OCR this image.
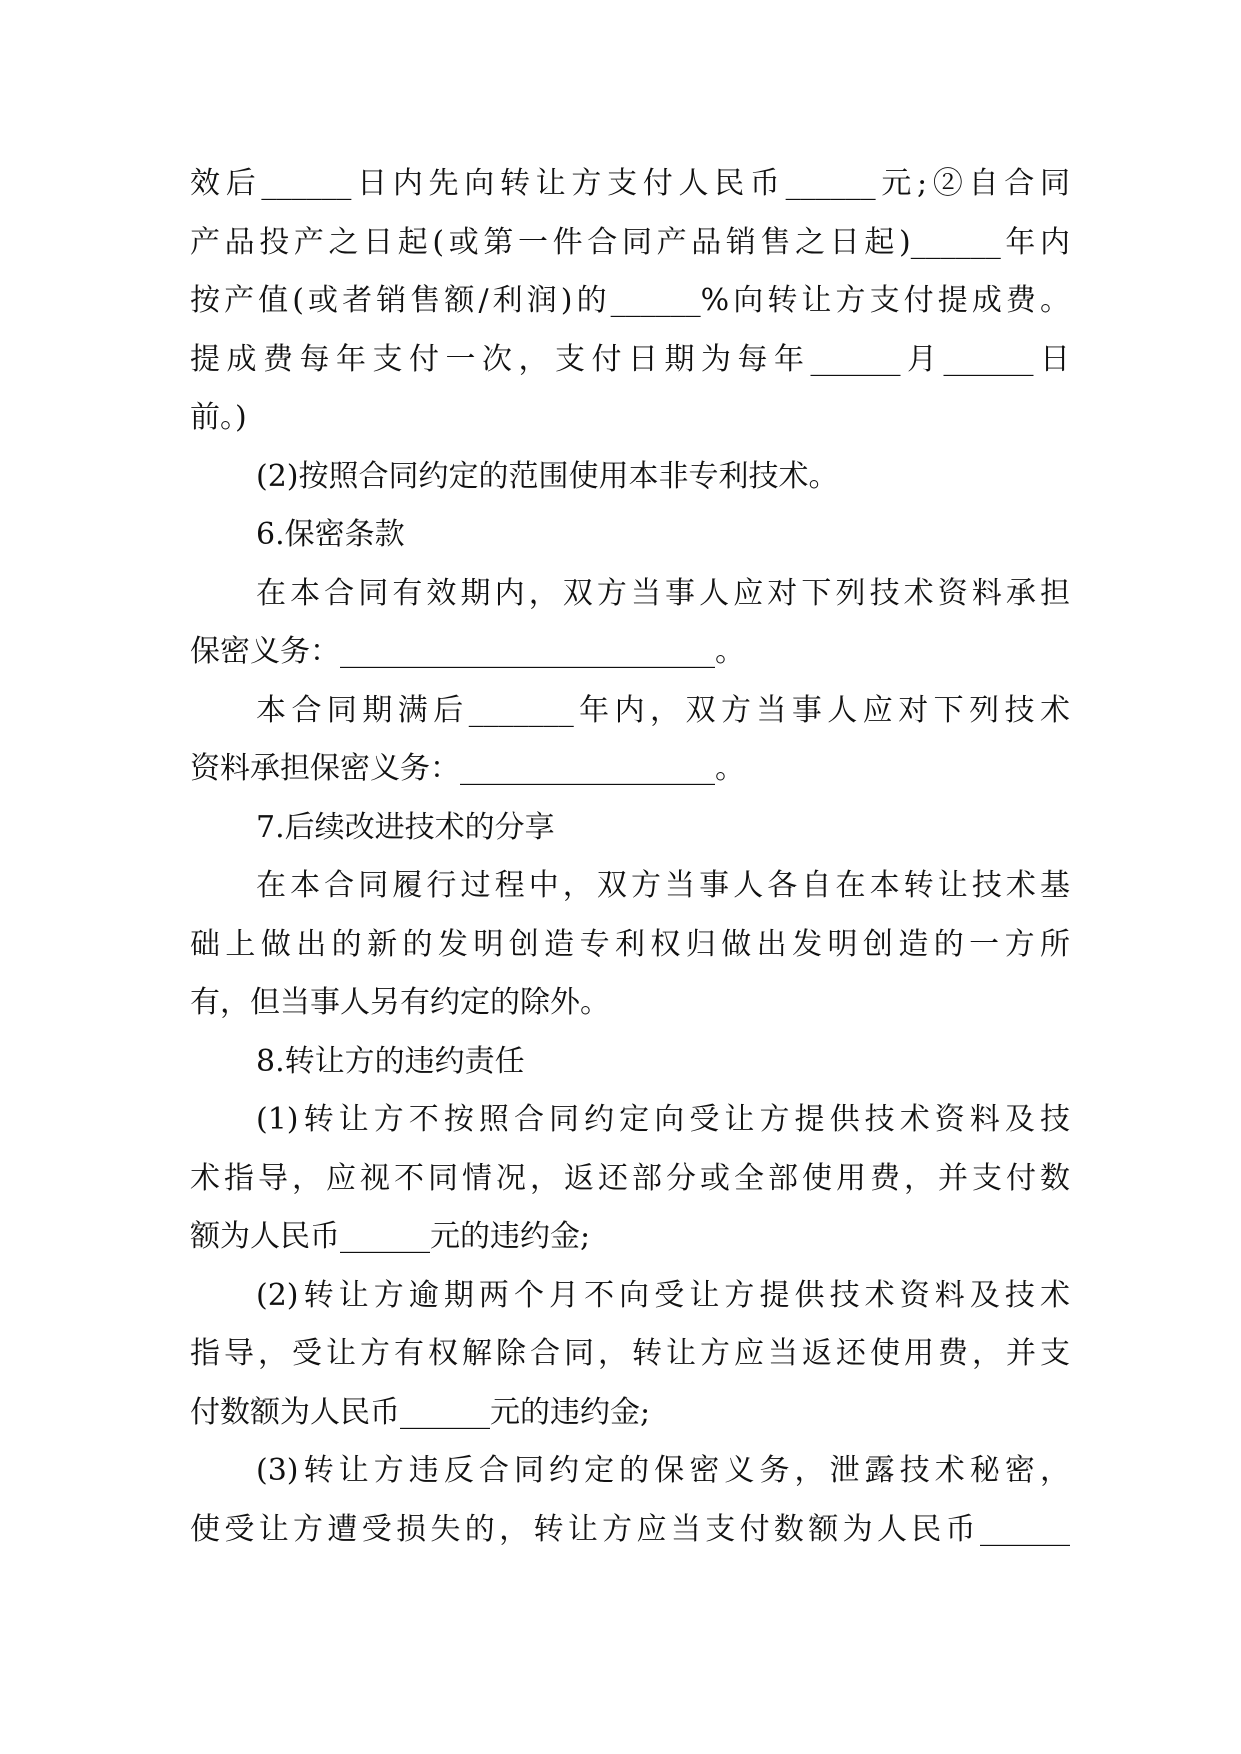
效后______日内先向转让方支付人民币______元;②自合同
产品投产之日起(或第一件合同产品销售之日起)______年内
按产值(或者销售额/利润)的______%向转让方支付提成费。
提成费每年支付一次，支付日期为每年______月______日
前。)
(2)按照合同约定的范围使用本非专利技术。
6.保密条款
在本合同有效期内，双方当事人应对下列技术资料承担
保密义务：_________________________。
本合同期满后_______年内，双方当事人应对下列技术
资料承担保密义务：_________________。
7.后续改进技术的分享
在本合同履行过程中，双方当事人各自在本转让技术基
础上做出的新的发明创造专利权归做出发明创造的一方所
有，但当事人另有约定的除外。
8.转让方的违约责任
(1)转让方不按照合同约定向受让方提供技术资料及技
术指导，应视不同情况，返还部分或全部使用费，并支付数
额为人民币______元的违约金;
(2)转让方逾期两个月不向受让方提供技术资料及技术
指导，受让方有权解除合同，转让方应当返还使用费，并支
付数额为人民币______元的违约金;
(3)转让方违反合同约定的保密义务，泄露技术秘密，
使受让方遭受损失的，转让方应当支付数额为人民币______
